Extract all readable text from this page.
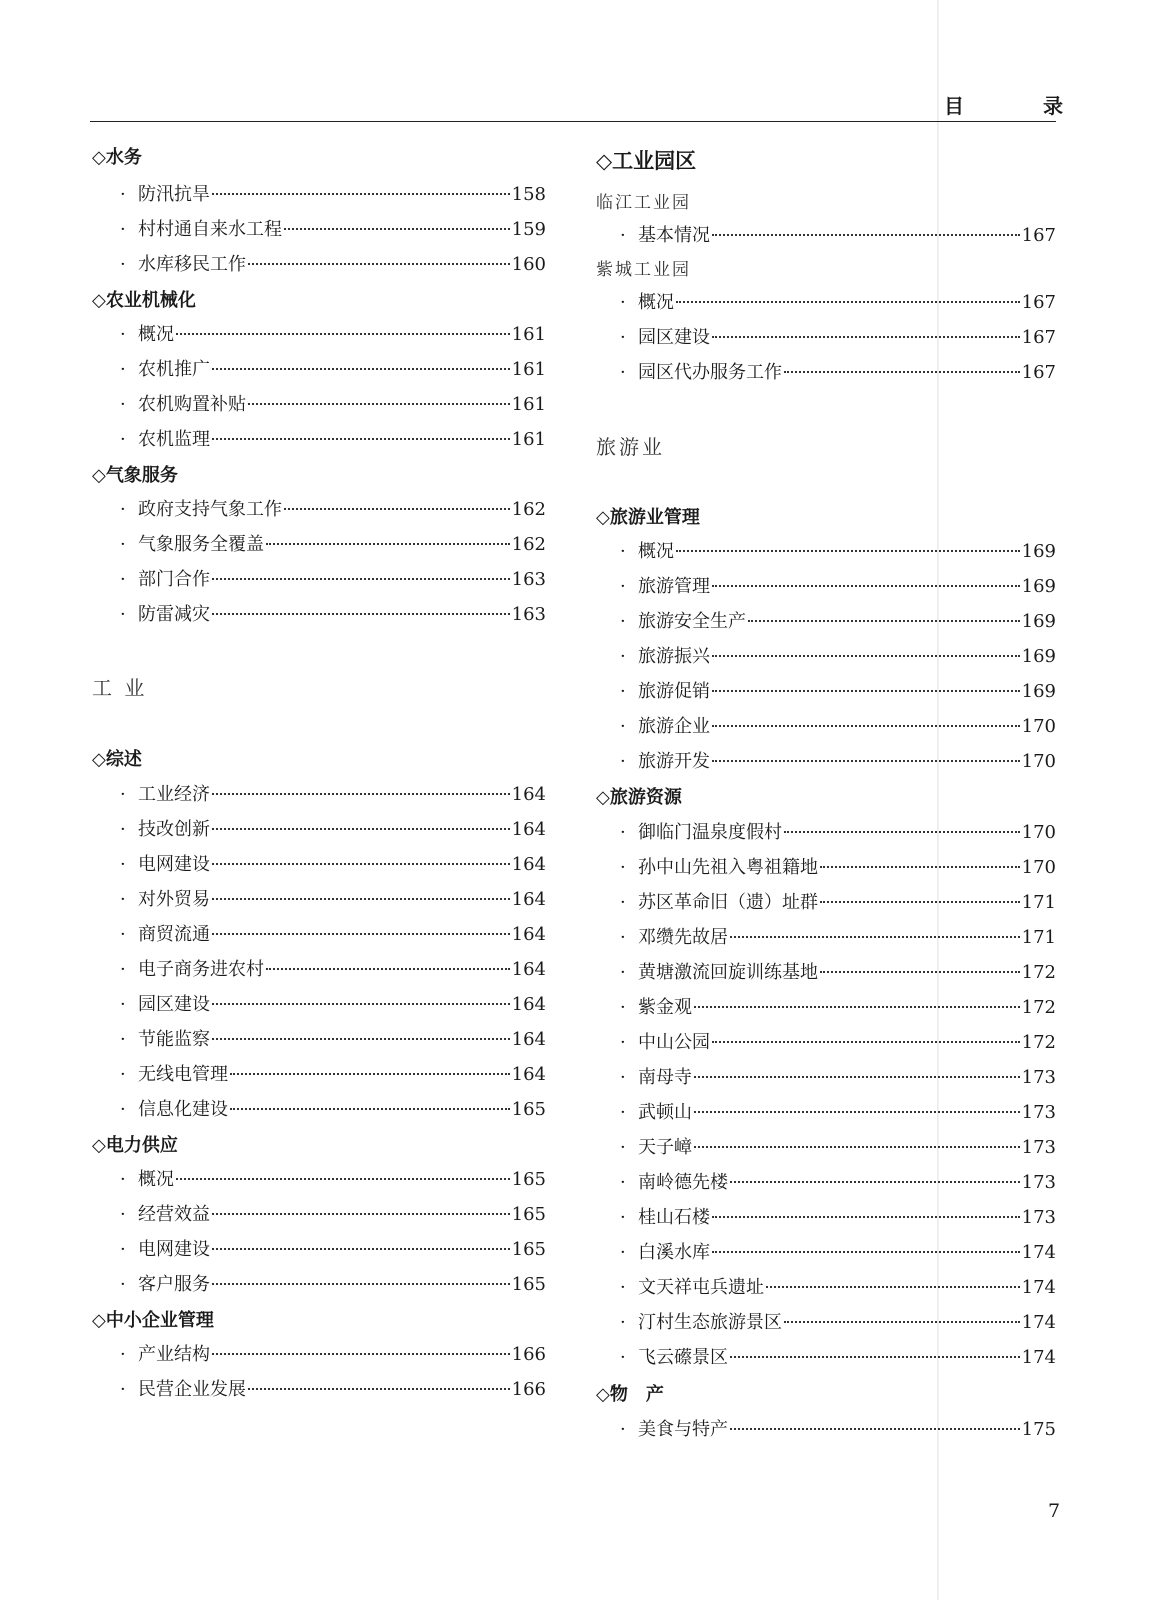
目 录
◇水务
· 防汛抗旱	158
· 村村通自来水工程	159
· 水库移民工作	160
◇农业机械化
· 概况	161
· 农机推广	161
· 农机购置补贴	161
· 农机监理	161
◇气象服务
· 政府支持气象工作	162
· 气象服务全覆盖	162
· 部门合作	163
· 防雷减灾	163
工 业
◇综述
· 工业经济	164
· 技改创新	164
· 电网建设	164
· 对外贸易	164
· 商贸流通	164
· 电子商务进农村	164
· 园区建设	164
· 节能监察	164
· 无线电管理	164
· 信息化建设	165
◇电力供应
· 概况	165
· 经营效益	165
· 电网建设	165
· 客户服务	165
◇中小企业管理
· 产业结构	166
· 民营企业发展	166
◇工业园区
临江工业园
· 基本情况	167
紫城工业园
· 概况	167
· 园区建设	167
· 园区代办服务工作	167
旅游业
◇旅游业管理
· 概况	169
· 旅游管理	169
· 旅游安全生产	169
· 旅游振兴	169
· 旅游促销	169
· 旅游企业	170
· 旅游开发	170
◇旅游资源
· 御临门温泉度假村	170
· 孙中山先祖入粤祖籍地	170
· 苏区革命旧（遗）址群	171
· 邓缵先故居	171
· 黄塘激流回旋训练基地	172
· 紫金观	172
· 中山公园	172
· 南母寺	173
· 武顿山	173
· 天子嶂	173
· 南岭德先楼	173
· 桂山石楼	173
· 白溪水库	174
· 文天祥屯兵遗址	174
· 汀村生态旅游景区	174
· 飞云礤景区	174
◇物　产
· 美食与特产	175
7
